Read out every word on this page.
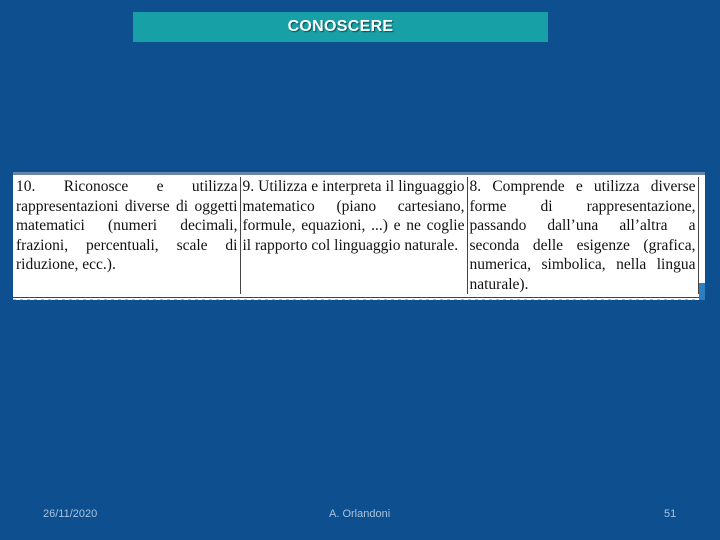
CONOSCERE
10. Riconosce e utilizza rappresentazioni diverse di oggetti matematici (numeri decimali, frazioni, percentuali, scale di riduzione, ecc.).	9. Utilizza e interpreta il linguaggio matematico (piano cartesiano, formule, equazioni, ...) e ne coglie il rapporto col linguaggio naturale.	8. Comprende e utilizza diverse forme di rappresentazione, passando dall’una all’altra a seconda delle esigenze (grafica, numerica, simbolica, nella lingua naturale).
26/11/2020	A. Orlandoni	51
